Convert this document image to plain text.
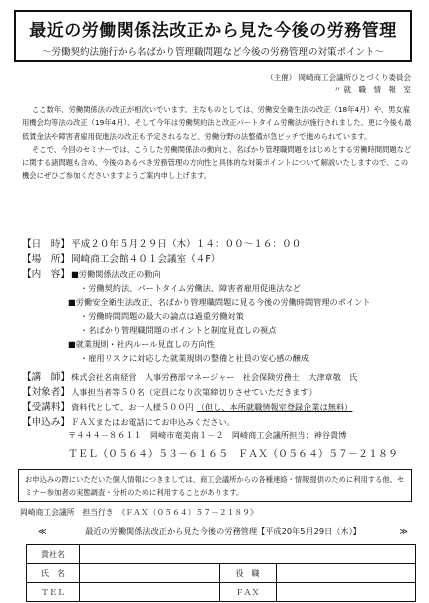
最近の労働関係法改正から見た今後の労務管理
～労働契約法施行から名ばかり管理職問題など今後の労務管理の対策ポイント～
（主催） 岡崎商工会議所ひとづくり委員会
〃 就　職　情　報　室

ここ数年、労働関係法の改正が相次いでいます。主なものとしては、労働安全衛生法の改正（18年4月）や、男女雇用機会均等法の改正（19年4月）、そして今年は労働契約法と改正パートタイム労働法が施行されました。更に今後も最低賃金法や障害者雇用促進法の改正も予定されるなど、労働分野の法整備が急ピッチで進められています。

そこで、今回のセミナーでは、こうした労働関係法の動向と、名ばかり管理職問題をはじめとする労働時間問題などに関する諸問題も含め、今後のあるべき労務管理の方向性と具体的な対策ポイントについて解説いたしますので、この機会にぜひご参加くださいますようご案内申し上げます。

【日　時】 平成２０年５月２９日（木）１４：００～１６：００
【場　所】 岡崎商工会館４０１会議室（４F）
【内　容】 ■労働関係法改正の動向
・労働契約法、パートタイム労働法、障害者雇用促進法など
■労働安全衛生法改正、名ばかり管理職問題に見る今後の労働時間管理のポイント
・労働時間問題の最大の論点は過重労働対策
・名ばかり管理職問題のポイントと制度見直しの視点
■就業規則・社内ルール見直しの方向性
・雇用リスクに対応した就業規則の整備と社員の安心感の醸成
【講　師】 株式会社名南経営　人事労務部マネージャー　社会保険労務士　大津章敬　氏
【対象者】 人事担当者等５０名（定員になり次第締切りさせていただきます）
【受講料】 資料代として、お一人様５００円 （但し、本所就職情報室登録企業は無料）
【申込み】 ＦＡＸまたはお電話にてお申込みください。
〒４４４－８６１１　岡崎市竜美南１－２　岡崎商工会議所担当：神谷貴博
ＴＥＬ（０５６４）５３－６１６５　ＦＡＸ（０５６４）５７－２１８９
お申込みの際にいただいた個人情報につきましては、商工会議所からの各種連絡・情報提供のために利用する他、セミナー参加者の実態調査・分析のために利用することがあります。
岡崎商工会議所　担当行き　《ＦＡＸ（０５６４）５７－２１８９》
≪	最近の労働関係法改正から見た今後の労務管理【平成20年5月29日（木）】	≫
貴社名			
氏　名		役　職	
ＴＥＬ		ＦＡＸ	
